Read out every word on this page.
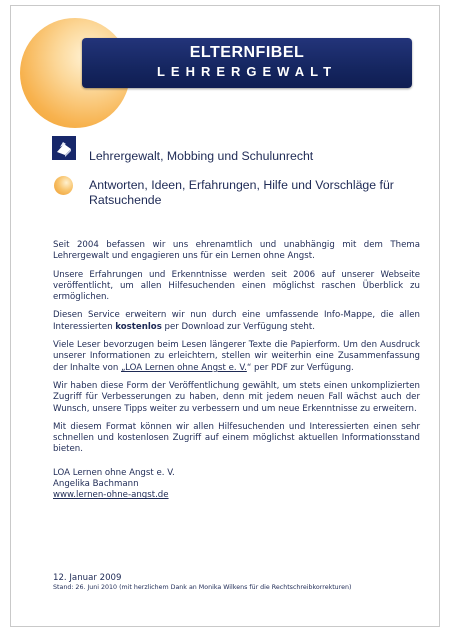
ELTERNFIBEL
LEHRERGEWALT

Lehrergewalt, Mobbing und Schulunrecht

Antworten, Ideen, Erfahrungen, Hilfe und Vorschläge für Ratsuchende

Seit 2004 befassen wir uns ehrenamtlich und unabhängig mit dem Thema Lehrergewalt und engagieren uns für ein Lernen ohne Angst.

Unsere Erfahrungen und Erkenntnisse werden seit 2006 auf unserer Webseite veröffentlicht, um allen Hilfesuchenden einen möglichst raschen Überblick zu ermöglichen.

Diesen Service erweitern wir nun durch eine umfassende Info-Mappe, die allen Interessierten kostenlos per Download zur Verfügung steht.

Viele Leser bevorzugen beim Lesen längerer Texte die Papierform. Um den Ausdruck unserer Informationen zu erleichtern, stellen wir weiterhin eine Zusammenfassung der Inhalte von „LOA Lernen ohne Angst e. V.“ per PDF zur Verfügung.

Wir haben diese Form der Veröffentlichung gewählt, um stets einen unkomplizierten Zugriff für Verbesserungen zu haben, denn mit jedem neuen Fall wächst auch der Wunsch, unsere Tipps weiter zu verbessern und um neue Erkenntnisse zu erweitern.

Mit diesem Format können wir allen Hilfesuchenden und Interessierten einen sehr schnellen und kostenlosen Zugriff auf einem möglichst aktuellen Informationsstand bieten.

LOA Lernen ohne Angst e. V.
Angelika Bachmann
www.lernen-ohne-angst.de

12. Januar 2009
Stand: 26. Juni 2010 (mit herzlichem Dank an Monika Wilkens für die Rechtschreibkorrekturen)
